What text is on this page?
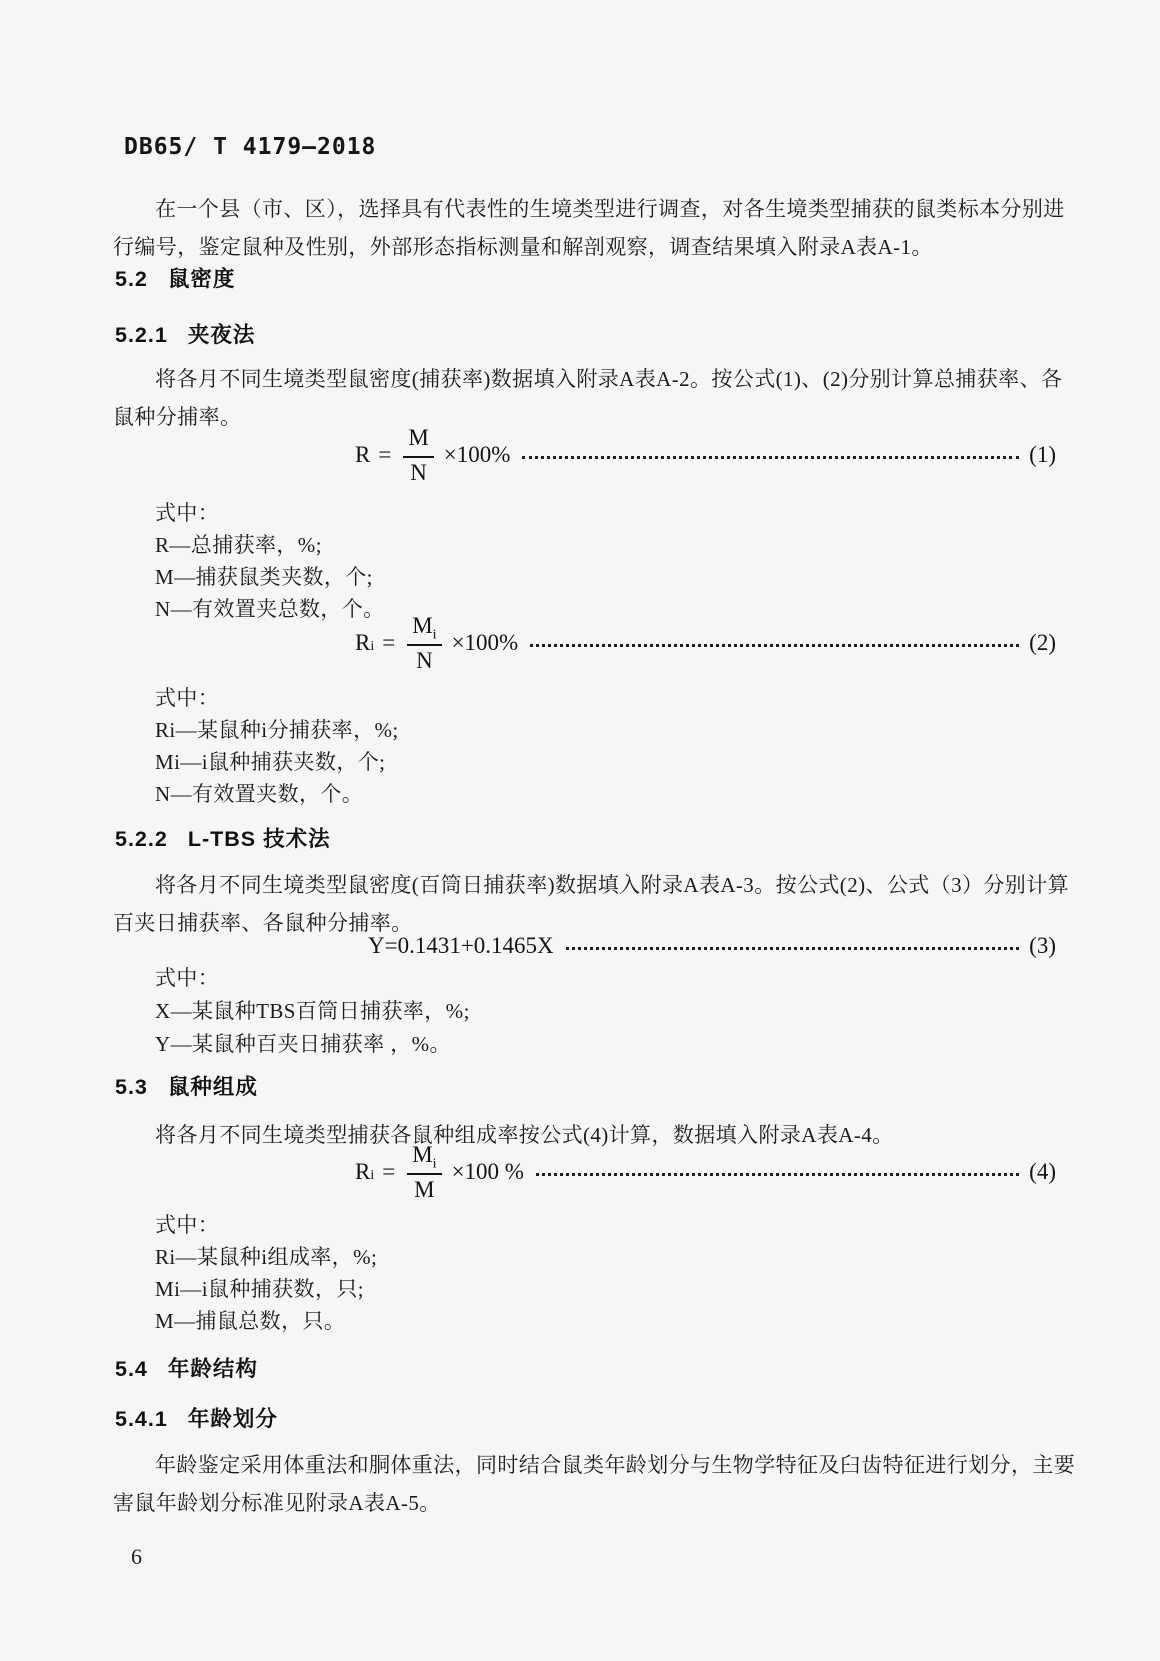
DB65/ T 4179—2018
在一个县（市、区），选择具有代表性的生境类型进行调查，对各生境类型捕获的鼠类标本分别进
行编号，鉴定鼠种及性别，外部形态指标测量和解剖观察，调查结果填入附录A表A-1。
5.2 鼠密度
5.2.1 夹夜法
将各月不同生境类型鼠密度(捕获率)数据填入附录A表A-2。按公式(1)、(2)分别计算总捕获率、各
鼠种分捕率。
$R = \frac{M}{N} \times 100\%$	(1)
式中：
R—总捕获率，%;
M—捕获鼠类夹数，个;
N—有效置夹总数，个。
R $i = \frac{M_i}{N} \times 100\%$	(2)
式中：
Ri—某鼠种i分捕获率，%;
Mi—i鼠种捕获夹数，个;
N—有效置夹数，个。
5.2.2 L-TBS 技术法
将各月不同生境类型鼠密度(百筒日捕获率)数据填入附录A表A-3。按公式(2)、公式（3）分别计算
百夹日捕获率、各鼠种分捕率。
Y=0.1431+0.1465X	(3)
式中：
X—某鼠种TBS百筒日捕获率，%;
Y—某鼠种百夹日捕获率 ，%。
5.3 鼠种组成
将各月不同生境类型捕获各鼠种组成率按公式(4)计算，数据填入附录A表A-4。
R $i = \frac{M_i}{M} \times 100$ %	(4)
式中：
Ri—某鼠种i组成率，%;
Mi—i鼠种捕获数，只;
M—捕鼠总数，只。
5.4 年龄结构
5.4.1 年龄划分
年龄鉴定采用体重法和胴体重法，同时结合鼠类年龄划分与生物学特征及臼齿特征进行划分，主要
害鼠年龄划分标准见附录A表A-5。
6
